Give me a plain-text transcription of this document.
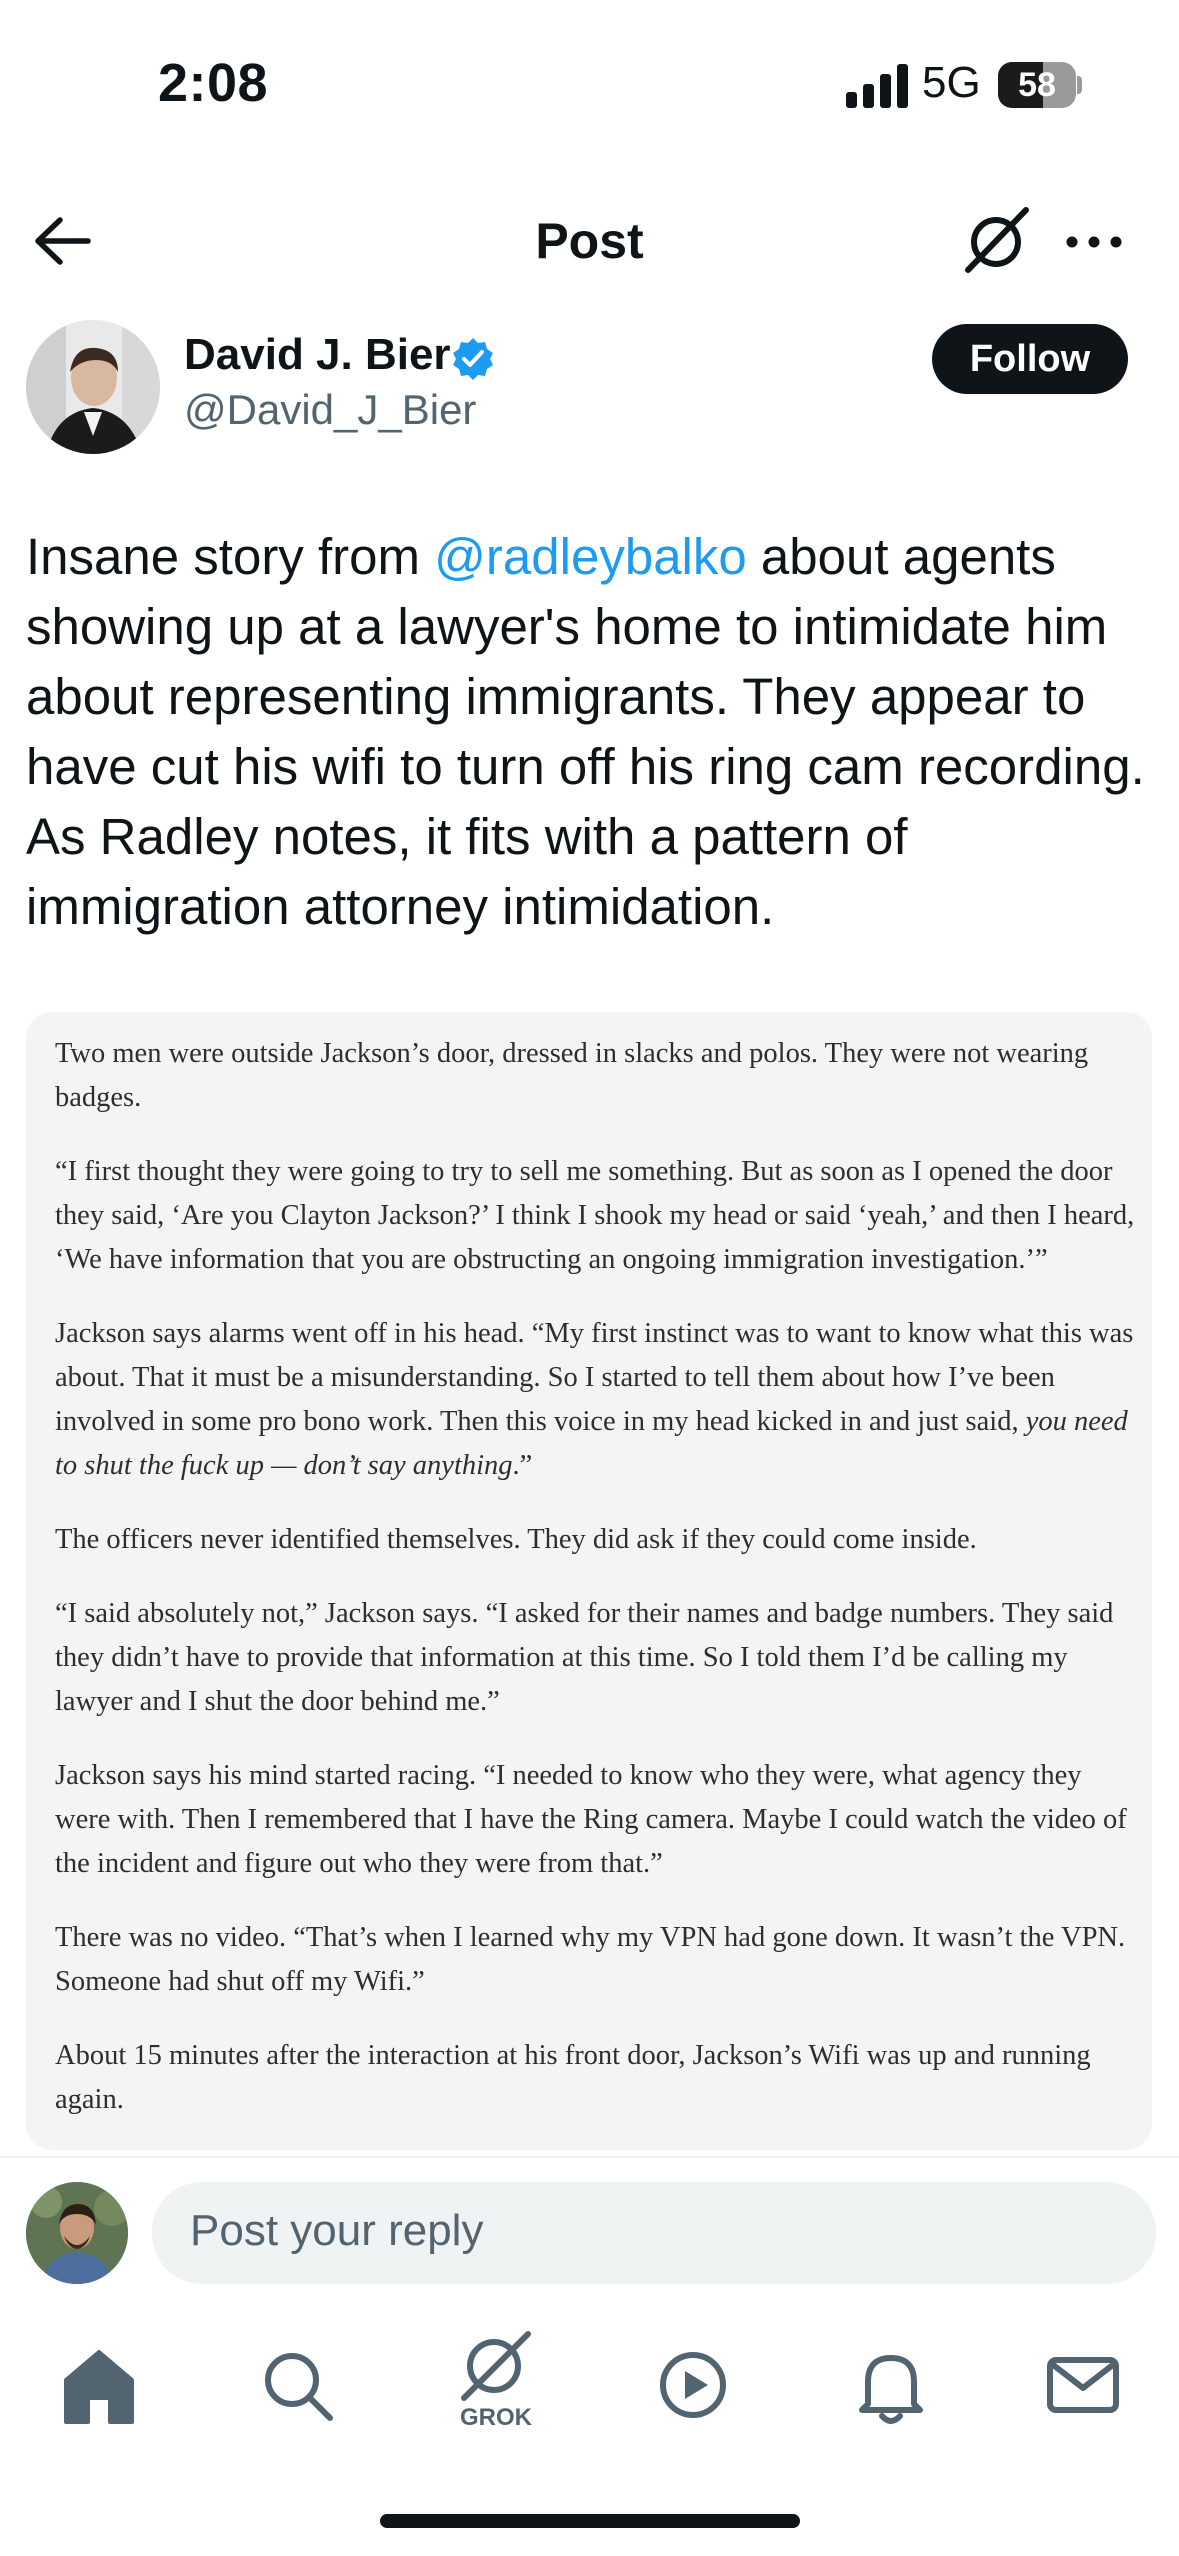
2:08	5G	58
Post
David J. Bier
@David_J_Bier
Follow
Insane story from @radleybalko about agents showing up at a lawyer's home to intimidate him about representing immigrants. They appear to have cut his wifi to turn off his ring cam recording. As Radley notes, it fits with a pattern of immigration attorney intimidation.

Two men were outside Jackson’s door, dressed in slacks and polos. They were not wearing badges.

“I first thought they were going to try to sell me something. But as soon as I opened the door they said, ‘Are you Clayton Jackson?’ I think I shook my head or said ‘yeah,’ and then I heard, ‘We have information that you are obstructing an ongoing immigration investigation.’”

Jackson says alarms went off in his head. “My first instinct was to want to know what this was about. That it must be a misunderstanding. So I started to tell them about how I’ve been involved in some pro bono work. Then this voice in my head kicked in and just said, you need to shut the fuck up — don’t say anything.”

The officers never identified themselves. They did ask if they could come inside.

“I said absolutely not,” Jackson says. “I asked for their names and badge numbers. They said they didn’t have to provide that information at this time. So I told them I’d be calling my lawyer and I shut the door behind me.”

Jackson says his mind started racing. “I needed to know who they were, what agency they were with. Then I remembered that I have the Ring camera. Maybe I could watch the video of the incident and figure out who they were from that.”

There was no video. “That’s when I learned why my VPN had gone down. It wasn’t the VPN. Someone had shut off my Wifi.”

About 15 minutes after the interaction at his front door, Jackson’s Wifi was up and running again.

Post your reply
GROK
